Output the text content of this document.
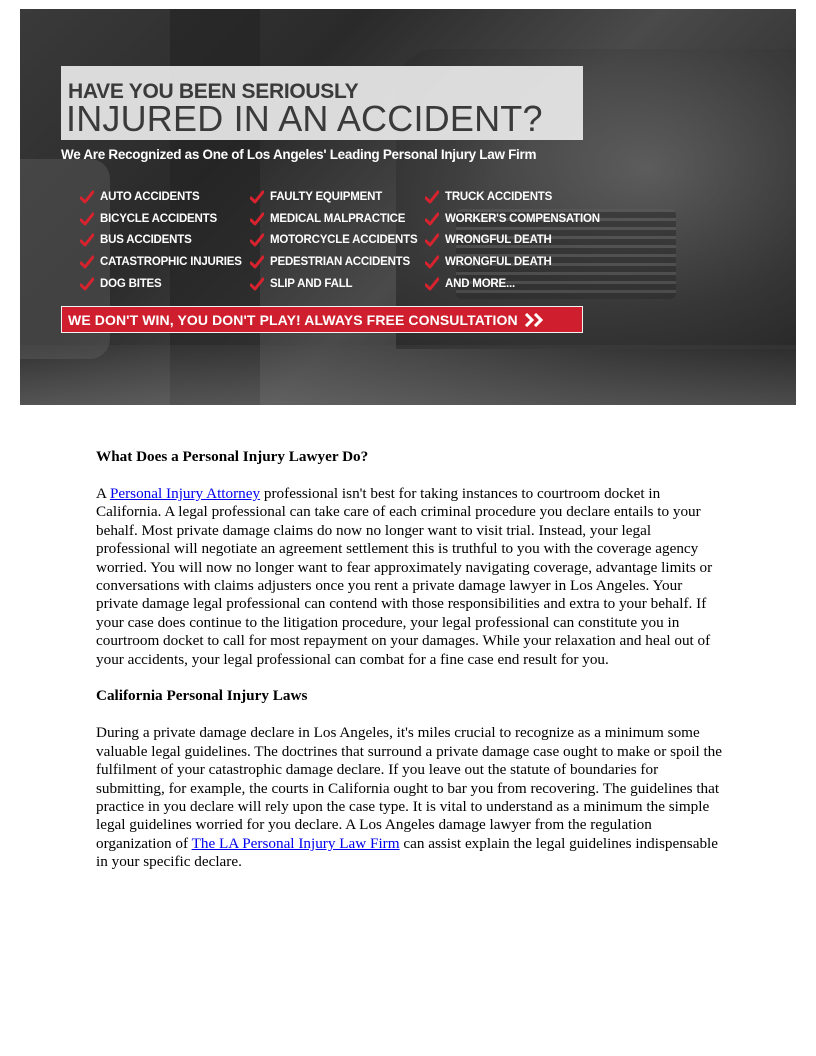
HAVE YOU BEEN SERIOUSLY
INJURED IN AN ACCIDENT?
We Are Recognized as One of Los Angeles' Leading Personal Injury Law Firm
AUTO ACCIDENTS
BICYCLE ACCIDENTS
BUS ACCIDENTS
CATASTROPHIC INJURIES
DOG BITES
FAULTY EQUIPMENT
MEDICAL MALPRACTICE
MOTORCYCLE ACCIDENTS
PEDESTRIAN ACCIDENTS
SLIP AND FALL
TRUCK ACCIDENTS
WORKER'S COMPENSATION
WRONGFUL DEATH
WRONGFUL DEATH
AND MORE...
WE DON'T WIN, YOU DON'T PLAY! ALWAYS FREE CONSULTATION
What Does a Personal Injury Lawyer Do?

A Personal Injury Attorney professional isn't best for taking instances to courtroom docket in California. A legal professional can take care of each criminal procedure you declare entails to your behalf. Most private damage claims do now no longer want to visit trial. Instead, your legal professional will negotiate an agreement settlement this is truthful to you with the coverage agency worried. You will now no longer want to fear approximately navigating coverage, advantage limits or conversations with claims adjusters once you rent a private damage lawyer in Los Angeles. Your private damage legal professional can contend with those responsibilities and extra to your behalf. If your case does continue to the litigation procedure, your legal professional can constitute you in courtroom docket to call for most repayment on your damages. While your relaxation and heal out of your accidents, your legal professional can combat for a fine case end result for you.

California Personal Injury Laws

During a private damage declare in Los Angeles, it's miles crucial to recognize as a minimum some valuable legal guidelines. The doctrines that surround a private damage case ought to make or spoil the fulfilment of your catastrophic damage declare. If you leave out the statute of boundaries for submitting, for example, the courts in California ought to bar you from recovering. The guidelines that practice in you declare will rely upon the case type. It is vital to understand as a minimum the simple legal guidelines worried for you declare. A Los Angeles damage lawyer from the regulation organization of The LA Personal Injury Law Firm can assist explain the legal guidelines indispensable in your specific declare.
